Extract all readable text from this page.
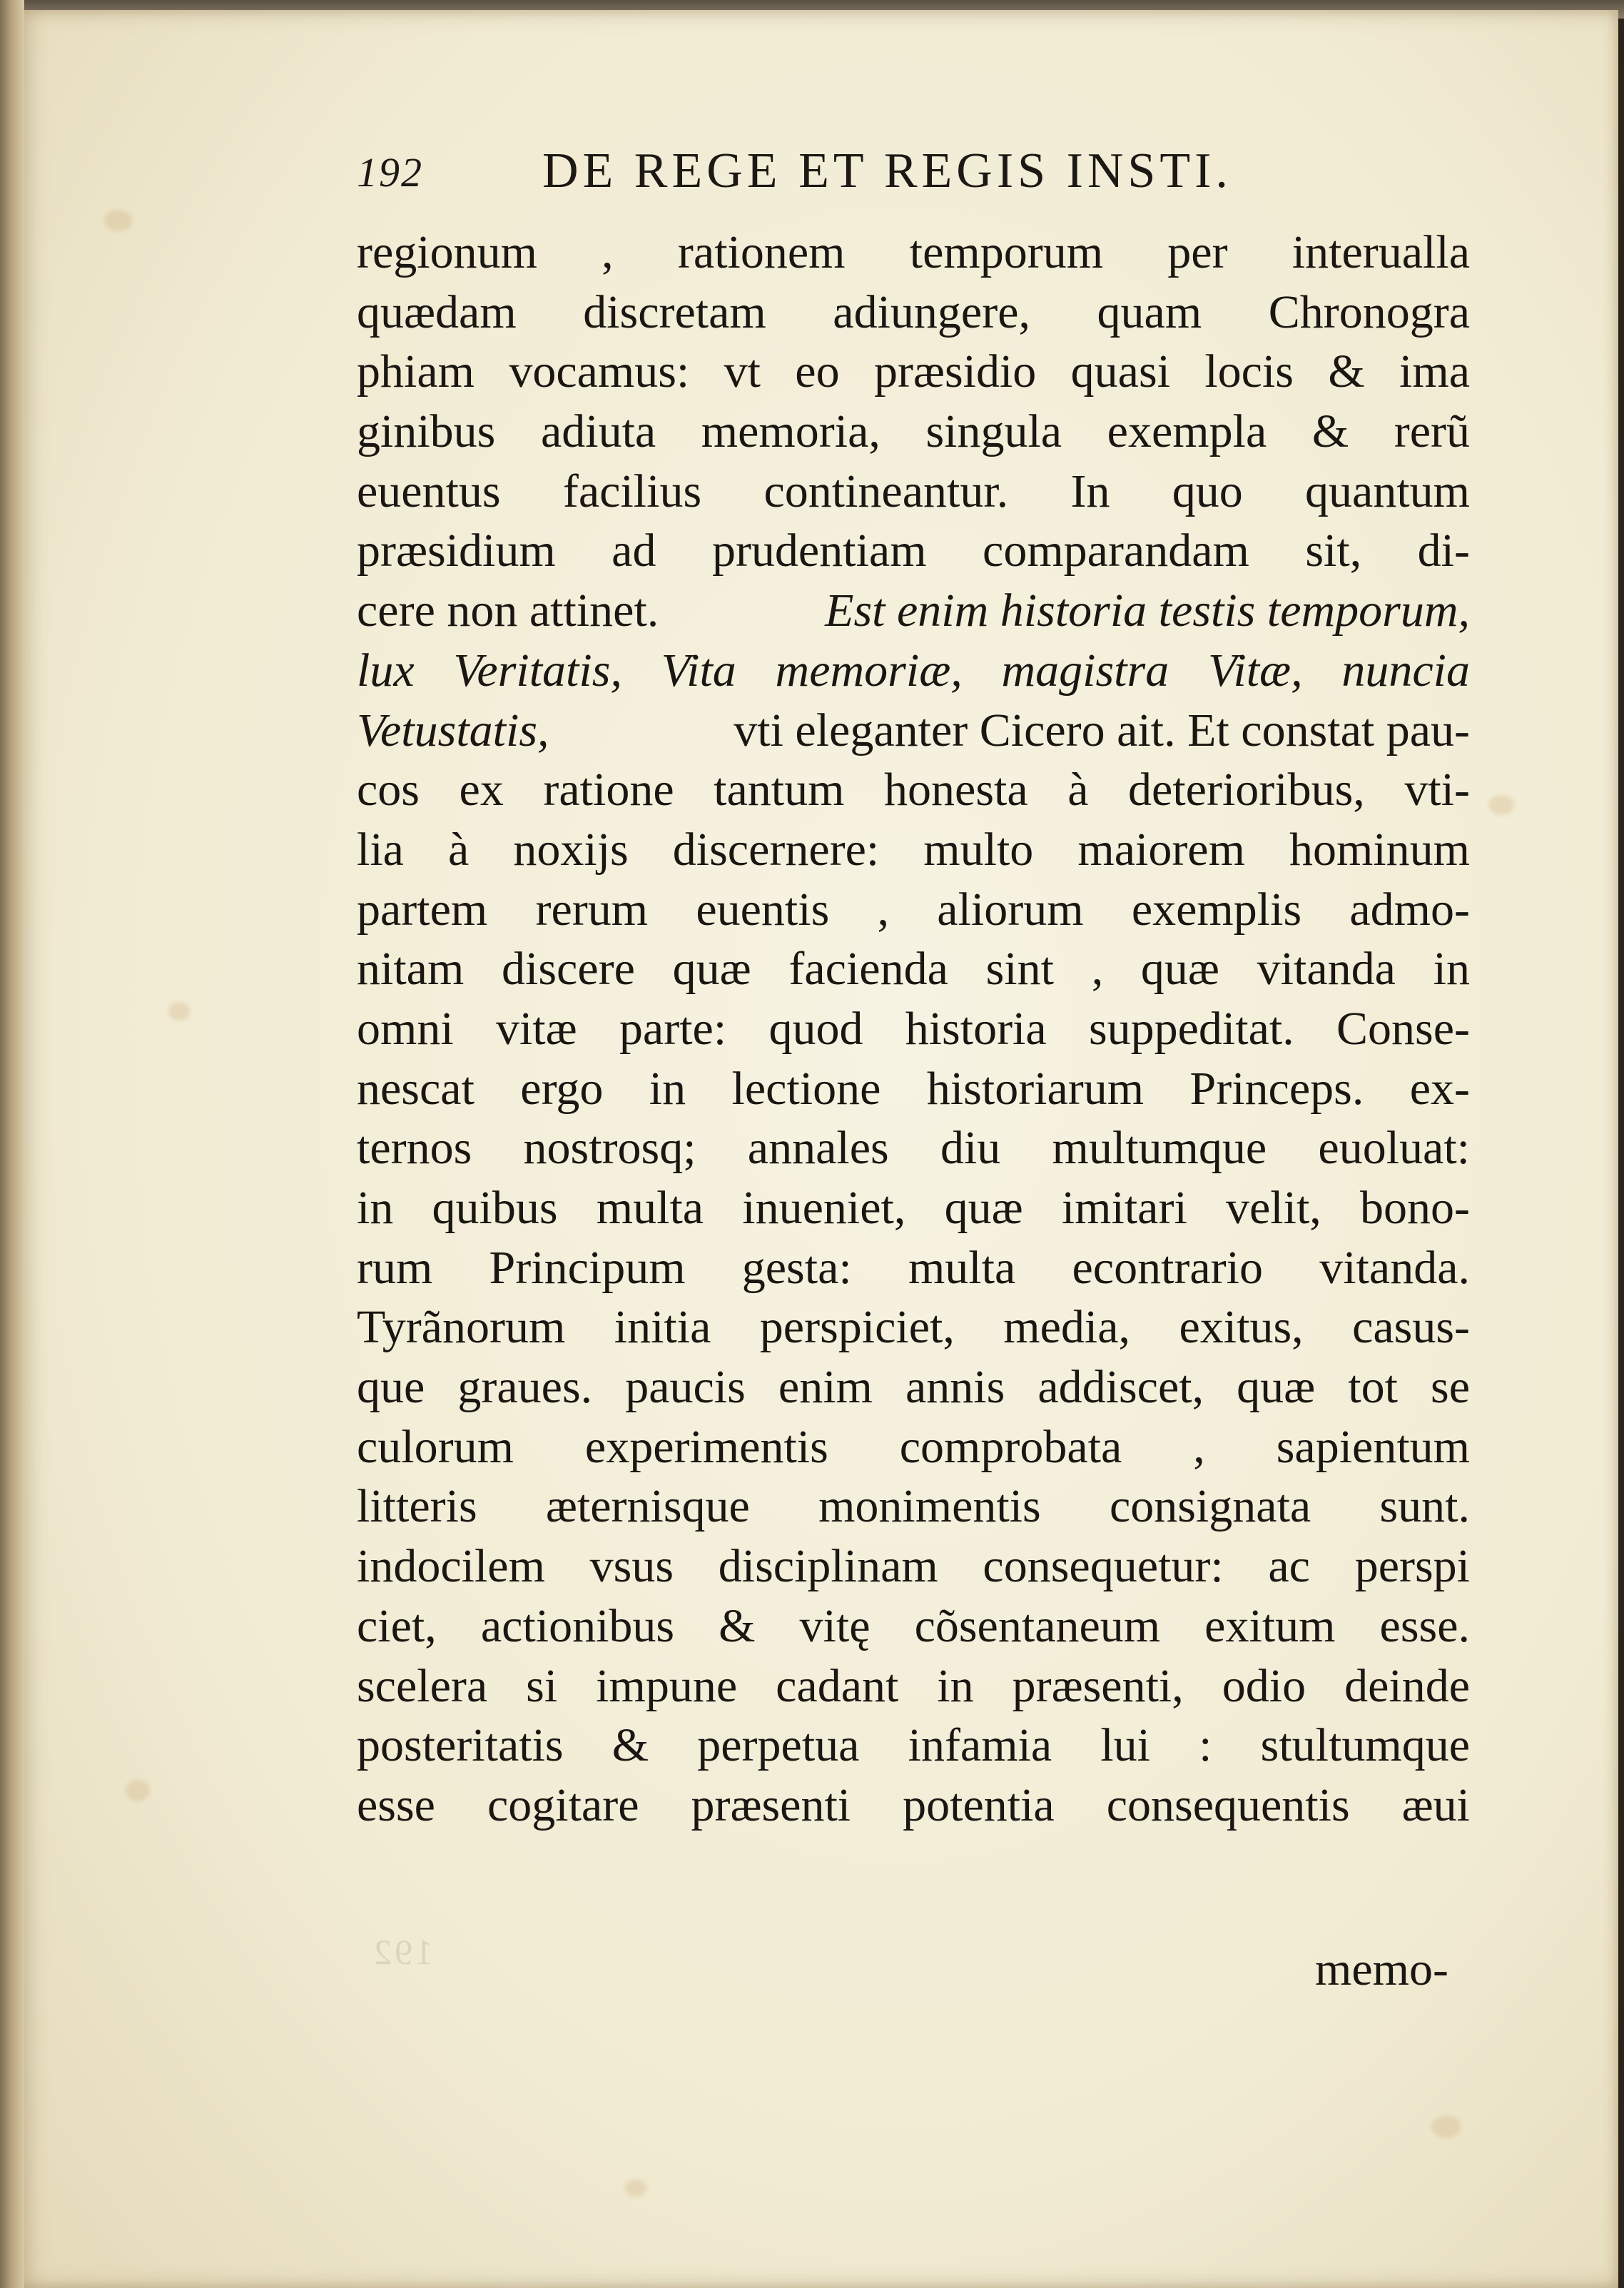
192 DE REGE ET REGIS INSTI.
regionum , rationem temporum per interualla
quædam discretam adiungere, quam Chronogra
phiam vocamus: vt eo præsidio quasi locis & ima
ginibus adiuta memoria, singula exempla & rerũ
euentus facilius contineantur. In quo quantum
præsidium ad prudentiam comparandam sit, di-
cere non attinet.	Est enim historia testis temporum,
lux Veritatis, Vita memoriæ, magistra Vitæ, nuncia
Vetustatis,	vti eleganter Cicero ait. Et constat pau-
cos ex ratione tantum honesta à deterioribus, vti-
lia à noxijs discernere: multo maiorem hominum
partem rerum euentis , aliorum exemplis admo-
nitam discere quæ facienda sint , quæ vitanda in
omni vitæ parte: quod historia suppeditat. Conse-
nescat ergo in lectione historiarum Princeps. ex-
ternos nostrosq; annales diu multumque euoluat:
in quibus multa inueniet, quæ imitari velit, bono-
rum Principum gesta: multa econtrario vitanda.
Tyrãnorum initia perspiciet, media, exitus, casus-
que graues. paucis enim annis addiscet, quæ tot se
culorum experimentis comprobata , sapientum
litteris æternisque monimentis consignata sunt.
indocilem vsus disciplinam consequetur: ac perspi
ciet, actionibus & vitę cõsentaneum exitum esse.
scelera si impune cadant in præsenti, odio deinde
posteritatis & perpetua infamia lui : stultumque
esse cogitare præsenti potentia consequentis æui
192	memo-
